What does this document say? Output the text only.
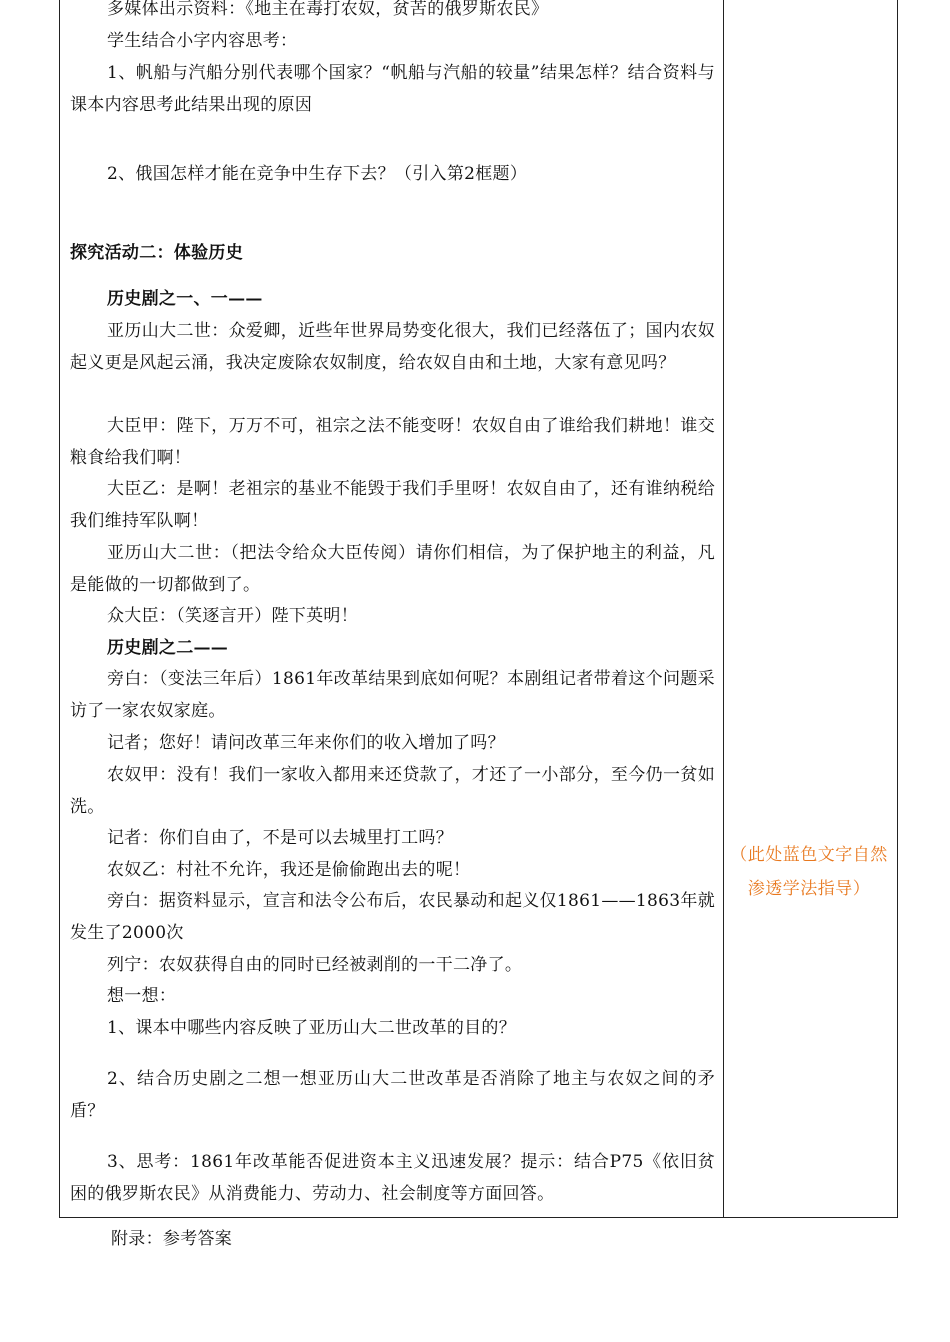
多媒体出示资料：《地主在毒打农奴，贫苦的俄罗斯农民》

学生结合小字内容思考：

1、帆船与汽船分别代表哪个国家？“帆船与汽船的较量”结果怎样？结合资料与课本内容思考此结果出现的原因

2、俄国怎样才能在竞争中生存下去？（引入第2框题）

探究活动二：体验历史

历史剧之一、一——

亚历山大二世：众爱卿，近些年世界局势变化很大，我们已经落伍了；国内农奴起义更是风起云涌，我决定废除农奴制度，给农奴自由和土地，大家有意见吗？

大臣甲：陛下，万万不可，祖宗之法不能变呀！农奴自由了谁给我们耕地！谁交粮食给我们啊！

大臣乙：是啊！老祖宗的基业不能毁于我们手里呀！农奴自由了，还有谁纳税给我们维持军队啊！

亚历山大二世：（把法令给众大臣传阅）请你们相信，为了保护地主的利益，凡是能做的一切都做到了。

众大臣：（笑逐言开）陛下英明！

历史剧之二——

旁白：（变法三年后）1861年改革结果到底如何呢？本剧组记者带着这个问题采访了一家农奴家庭。

记者；您好！请问改革三年来你们的收入增加了吗？

农奴甲：没有！我们一家收入都用来还贷款了，才还了一小部分，至今仍一贫如洗。

记者：你们自由了，不是可以去城里打工吗？

农奴乙：村社不允许，我还是偷偷跑出去的呢！

旁白：据资料显示，宣言和法令公布后，农民暴动和起义仅1861——1863年就发生了2000次

列宁：农奴获得自由的同时已经被剥削的一干二净了。

想一想：

1、课本中哪些内容反映了亚历山大二世改革的目的？

2、结合历史剧之二想一想亚历山大二世改革是否消除了地主与农奴之间的矛盾？

3、思考：1861年改革能否促进资本主义迅速发展？提示：结合P75《依旧贫困的俄罗斯农民》从消费能力、劳动力、社会制度等方面回答。

（此处蓝色文字自然渗透学法指导）
附录：参考答案
